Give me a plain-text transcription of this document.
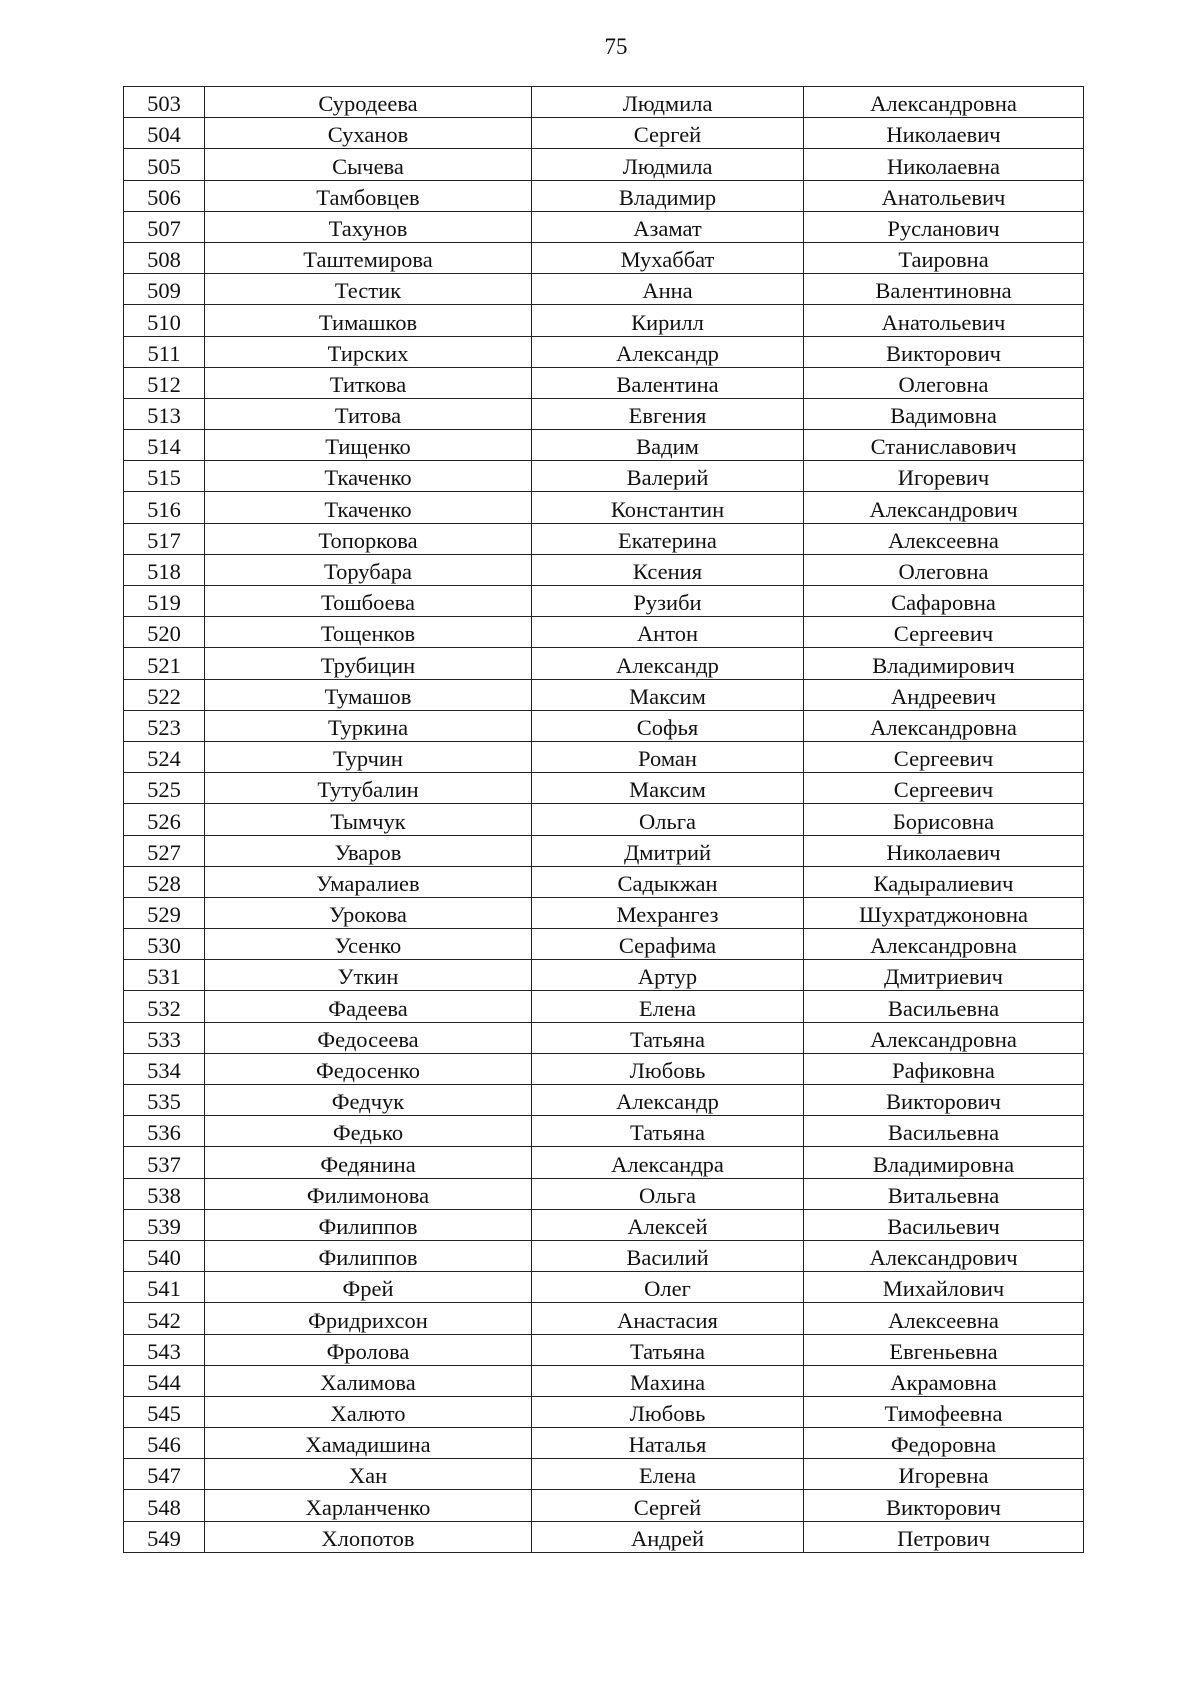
75
503	Суродеева	Людмила	Александровна
504	Суханов	Сергей	Николаевич
505	Сычева	Людмила	Николаевна
506	Тамбовцев	Владимир	Анатольевич
507	Тахунов	Азамат	Русланович
508	Таштемирова	Мухаббат	Таировна
509	Тестик	Анна	Валентиновна
510	Тимашков	Кирилл	Анатольевич
511	Тирских	Александр	Викторович
512	Титкова	Валентина	Олеговна
513	Титова	Евгения	Вадимовна
514	Тищенко	Вадим	Станиславович
515	Ткаченко	Валерий	Игоревич
516	Ткаченко	Константин	Александрович
517	Топоркова	Екатерина	Алексеевна
518	Торубара	Ксения	Олеговна
519	Тошбоева	Рузиби	Сафаровна
520	Тощенков	Антон	Сергеевич
521	Трубицин	Александр	Владимирович
522	Тумашов	Максим	Андреевич
523	Туркина	Софья	Александровна
524	Турчин	Роман	Сергеевич
525	Тутубалин	Максим	Сергеевич
526	Тымчук	Ольга	Борисовна
527	Уваров	Дмитрий	Николаевич
528	Умаралиев	Садыкжан	Кадыралиевич
529	Урокова	Мехрангез	Шухратджоновна
530	Усенко	Серафима	Александровна
531	Уткин	Артур	Дмитриевич
532	Фадеева	Елена	Васильевна
533	Федосеева	Татьяна	Александровна
534	Федосенко	Любовь	Рафиковна
535	Федчук	Александр	Викторович
536	Федько	Татьяна	Васильевна
537	Федянина	Александра	Владимировна
538	Филимонова	Ольга	Витальевна
539	Филиппов	Алексей	Васильевич
540	Филиппов	Василий	Александрович
541	Фрей	Олег	Михайлович
542	Фридрихсон	Анастасия	Алексеевна
543	Фролова	Татьяна	Евгеньевна
544	Халимова	Махина	Акрамовна
545	Халюто	Любовь	Тимофеевна
546	Хамадишина	Наталья	Федоровна
547	Хан	Елена	Игоревна
548	Харланченко	Сергей	Викторович
549	Хлопотов	Андрей	Петрович
